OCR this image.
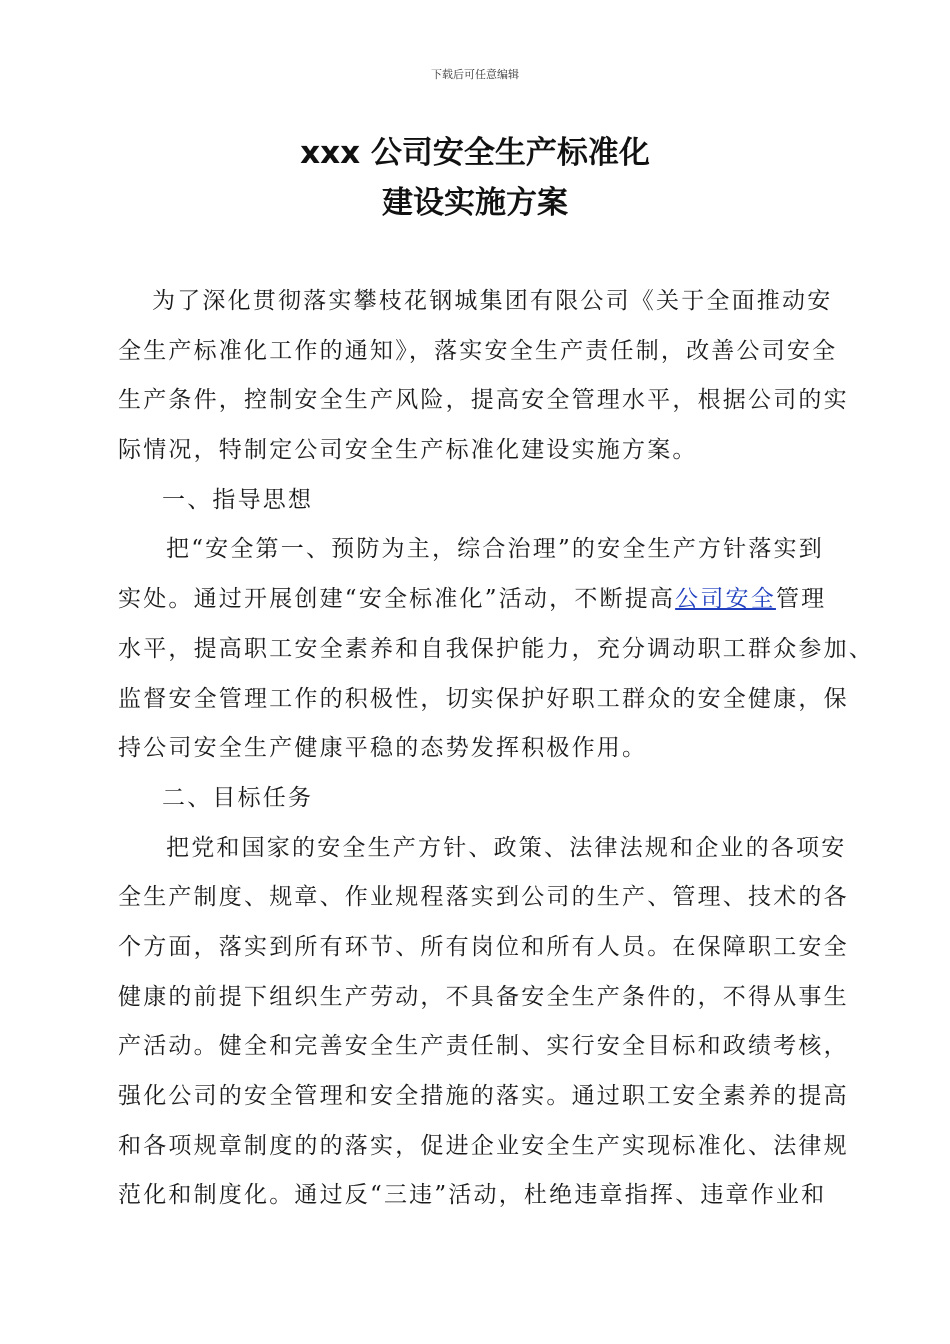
下载后可任意编辑
xxx 公司安全生产标准化
建设实施方案
为了深化贯彻落实攀枝花钢城集团有限公司《关于全面推动安
全生产标准化工作的通知》，落实安全生产责任制，改善公司安全
生产条件，控制安全生产风险，提高安全管理水平，根据公司的实
际情况，特制定公司安全生产标准化建设实施方案。
一、指导思想
把“安全第一、预防为主，综合治理”的安全生产方针落实到
实处。通过开展创建“安全标准化”活动，不断提高公司安全管理
水平，提高职工安全素养和自我保护能力，充分调动职工群众参加、
监督安全管理工作的积极性，切实保护好职工群众的安全健康，保
持公司安全生产健康平稳的态势发挥积极作用。
二、目标任务
把党和国家的安全生产方针、政策、法律法规和企业的各项安
全生产制度、规章、作业规程落实到公司的生产、管理、技术的各
个方面，落实到所有环节、所有岗位和所有人员。在保障职工安全
健康的前提下组织生产劳动，不具备安全生产条件的，不得从事生
产活动。健全和完善安全生产责任制、实行安全目标和政绩考核，
强化公司的安全管理和安全措施的落实。通过职工安全素养的提高
和各项规章制度的的落实，促进企业安全生产实现标准化、法律规
范化和制度化。通过反“三违”活动，杜绝违章指挥、违章作业和
